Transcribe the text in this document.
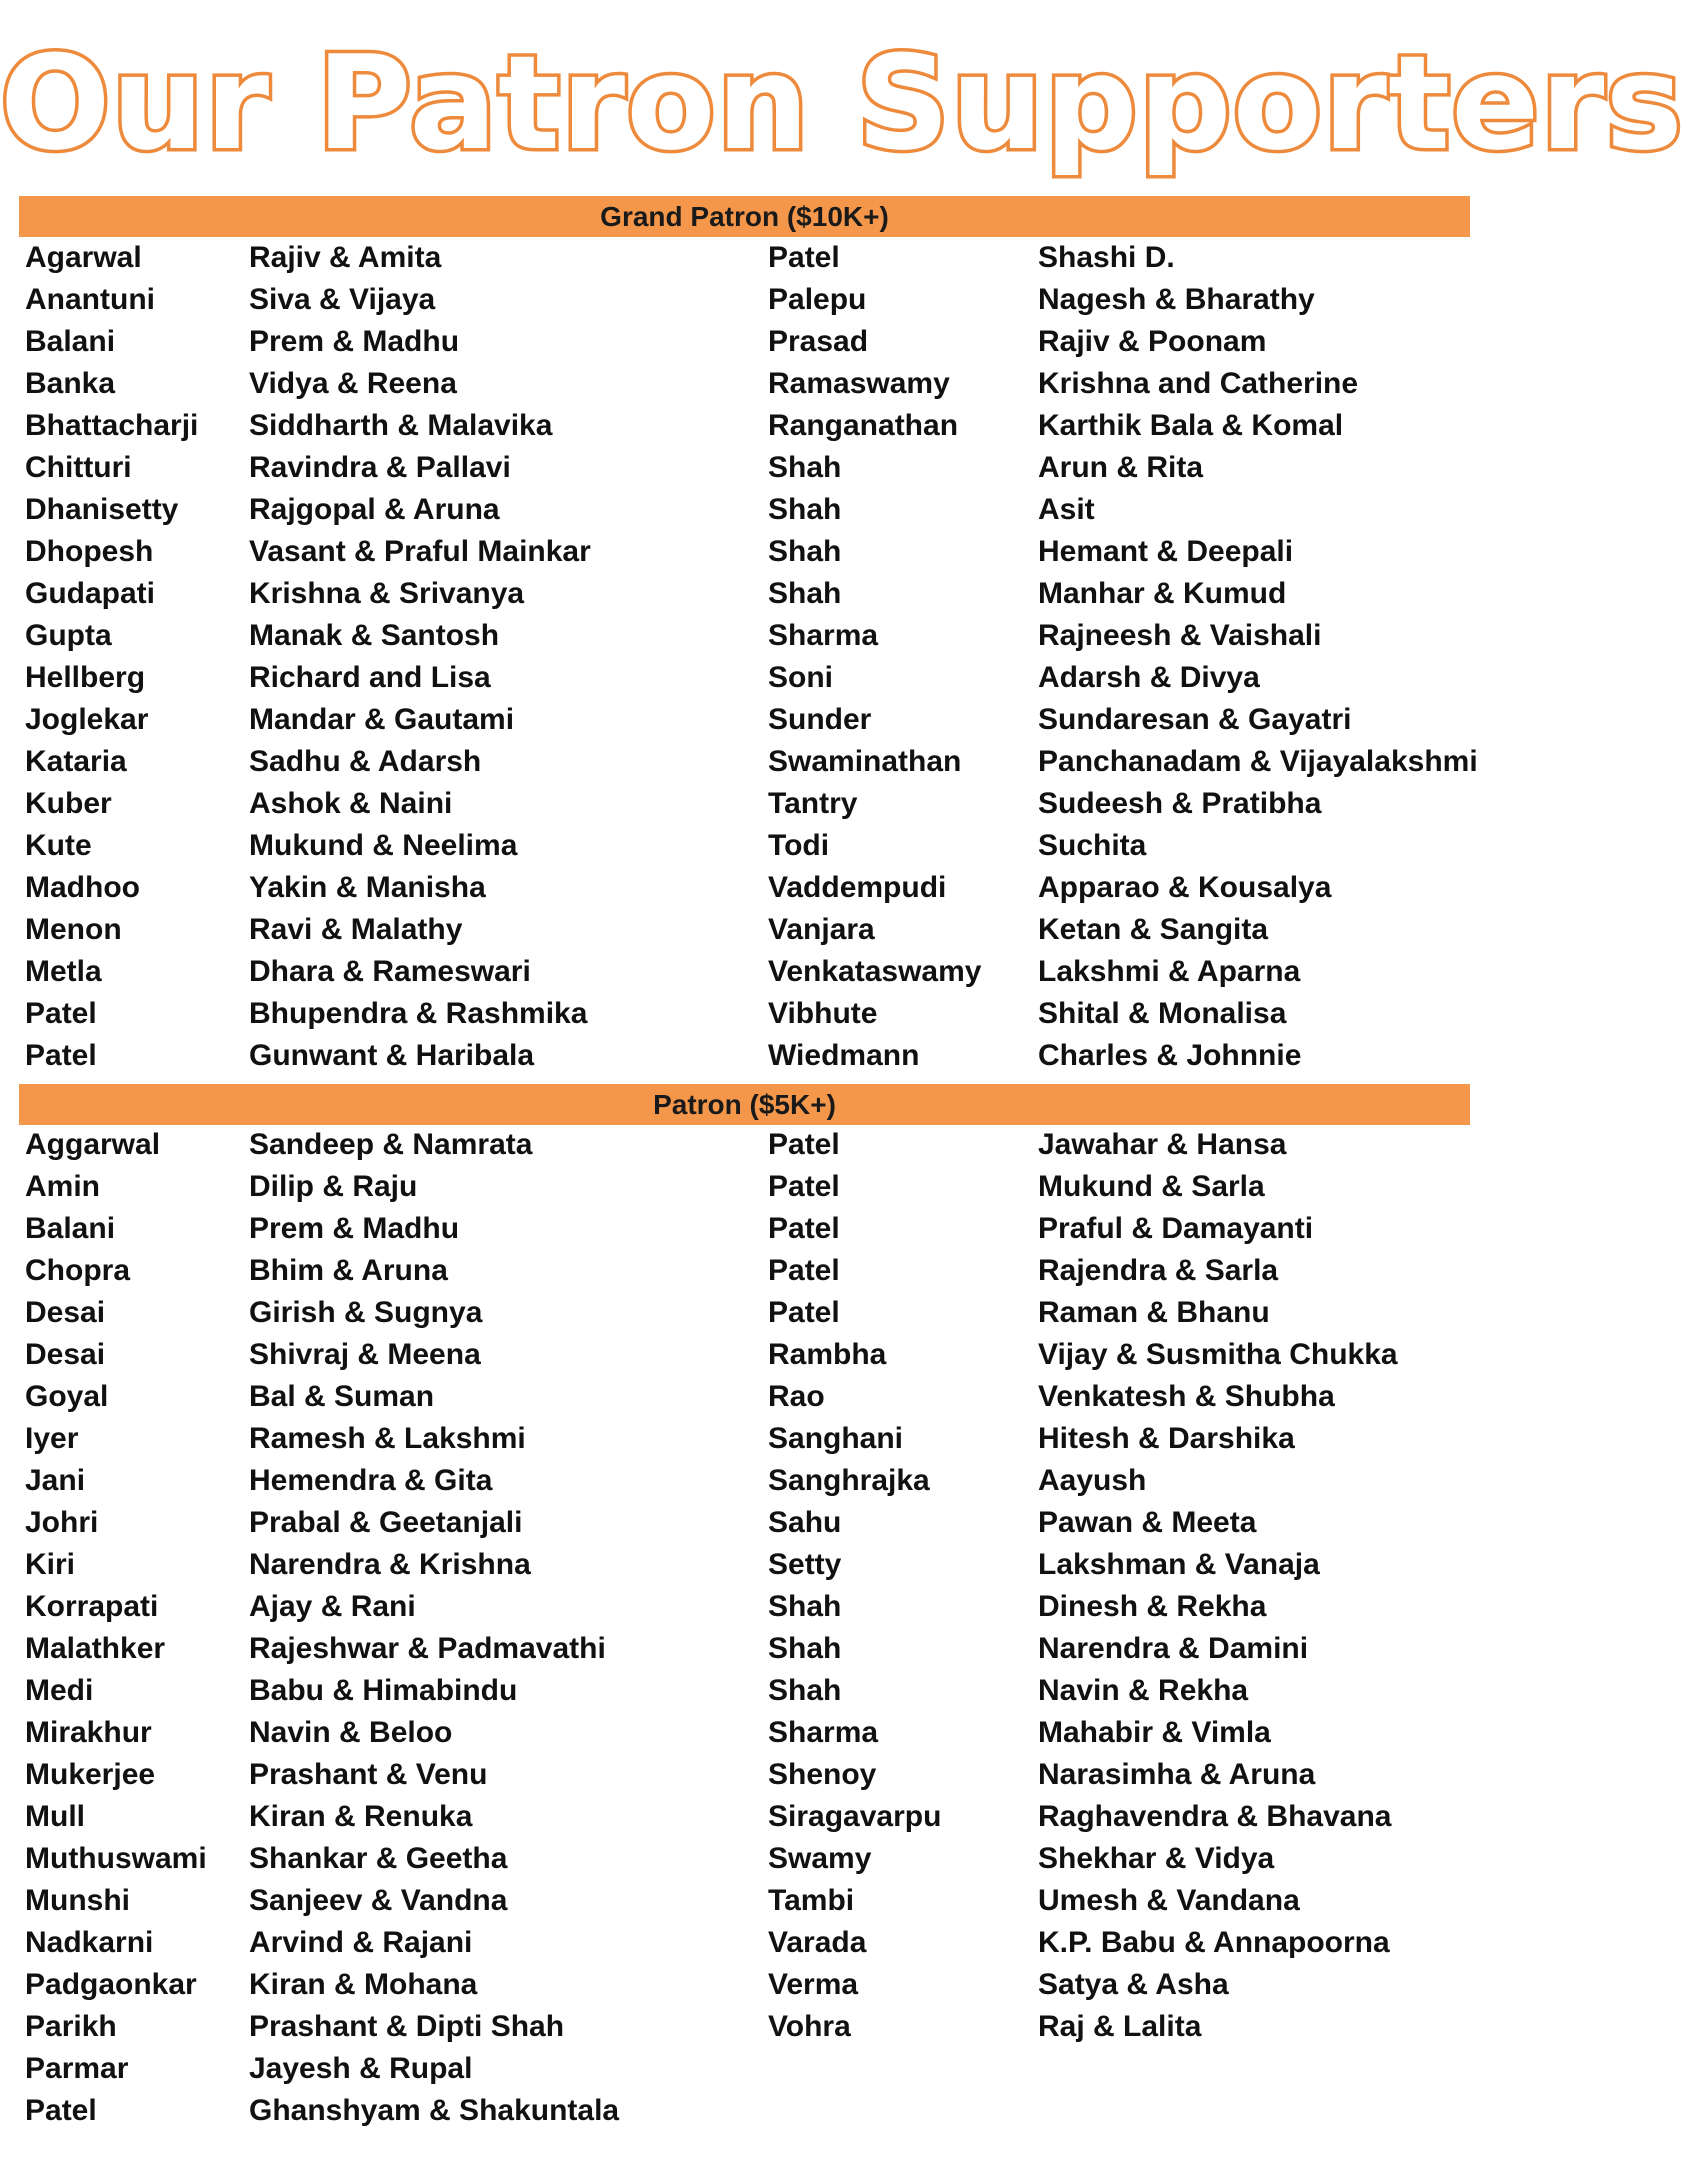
Our Patron Supporters
Grand Patron ($10K+)
Agarwal	Rajiv & Amita	Patel	Shashi D.
Anantuni	Siva & Vijaya	Palepu	Nagesh & Bharathy
Balani	Prem & Madhu	Prasad	Rajiv & Poonam
Banka	Vidya & Reena	Ramaswamy	Krishna and Catherine
Bhattacharji	Siddharth & Malavika	Ranganathan	Karthik Bala & Komal
Chitturi	Ravindra & Pallavi	Shah	Arun & Rita
Dhanisetty	Rajgopal & Aruna	Shah	Asit
Dhopesh	Vasant & Praful Mainkar	Shah	Hemant & Deepali
Gudapati	Krishna & Srivanya	Shah	Manhar & Kumud
Gupta	Manak & Santosh	Sharma	Rajneesh & Vaishali
Hellberg	Richard and Lisa	Soni	Adarsh & Divya
Joglekar	Mandar & Gautami	Sunder	Sundaresan & Gayatri
Kataria	Sadhu & Adarsh	Swaminathan	Panchanadam & Vijayalakshmi
Kuber	Ashok & Naini	Tantry	Sudeesh & Pratibha
Kute	Mukund & Neelima	Todi	Suchita
Madhoo	Yakin & Manisha	Vaddempudi	Apparao & Kousalya
Menon	Ravi & Malathy	Vanjara	Ketan & Sangita
Metla	Dhara & Rameswari	Venkataswamy	Lakshmi & Aparna
Patel	Bhupendra & Rashmika	Vibhute	Shital & Monalisa
Patel	Gunwant & Haribala	Wiedmann	Charles & Johnnie
Patron ($5K+)
Aggarwal	Sandeep & Namrata	Patel	Jawahar & Hansa
Amin	Dilip & Raju	Patel	Mukund & Sarla
Balani	Prem & Madhu	Patel	Praful & Damayanti
Chopra	Bhim & Aruna	Patel	Rajendra & Sarla
Desai	Girish & Sugnya	Patel	Raman & Bhanu
Desai	Shivraj & Meena	Rambha	Vijay & Susmitha Chukka
Goyal	Bal & Suman	Rao	Venkatesh & Shubha
Iyer	Ramesh & Lakshmi	Sanghani	Hitesh & Darshika
Jani	Hemendra & Gita	Sanghrajka	Aayush
Johri	Prabal & Geetanjali	Sahu	Pawan & Meeta
Kiri	Narendra & Krishna	Setty	Lakshman & Vanaja
Korrapati	Ajay & Rani	Shah	Dinesh & Rekha
Malathker	Rajeshwar & Padmavathi	Shah	Narendra & Damini
Medi	Babu & Himabindu	Shah	Navin & Rekha
Mirakhur	Navin & Beloo	Sharma	Mahabir & Vimla
Mukerjee	Prashant & Venu	Shenoy	Narasimha & Aruna
Mull	Kiran & Renuka	Siragavarpu	Raghavendra & Bhavana
Muthuswami	Shankar & Geetha	Swamy	Shekhar & Vidya
Munshi	Sanjeev & Vandna	Tambi	Umesh & Vandana
Nadkarni	Arvind & Rajani	Varada	K.P. Babu & Annapoorna
Padgaonkar	Kiran & Mohana	Verma	Satya & Asha
Parikh	Prashant & Dipti Shah	Vohra	Raj & Lalita
Parmar	Jayesh & Rupal
Patel	Ghanshyam & Shakuntala
